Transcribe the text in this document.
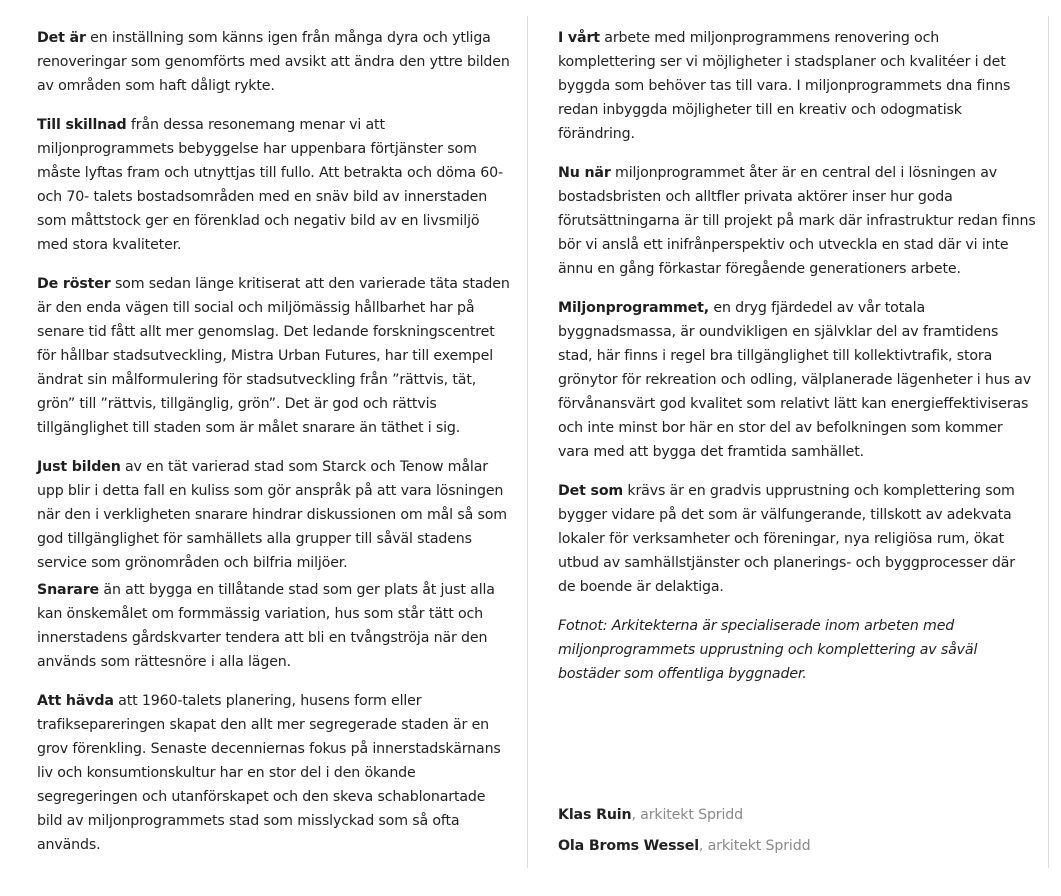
Det är en inställning som känns igen från många dyra och ytliga renoveringar som genomförts med avsikt att ändra den yttre bilden av områden som haft dåligt rykte.

Till skillnad från dessa resonemang menar vi att miljonprogrammets bebyggelse har uppenbara förtjänster som måste lyftas fram och utnyttjas till fullo. Att betrakta och döma 60- och 70- talets bostadsområden med en snäv bild av innerstaden som måttstock ger en förenklad och negativ bild av en livsmiljö med stora kvaliteter.

De röster som sedan länge kritiserat att den varierade täta staden är den enda vägen till social och miljömässig hållbarhet har på senare tid fått allt mer genomslag. Det ledande forskningscentret för hållbar stadsutveckling, Mistra Urban Futures, har till exempel ändrat sin målformulering för stadsutveckling från ”rättvis, tät, grön” till ”rättvis, tillgänglig, grön”. Det är god och rättvis tillgänglighet till staden som är målet snarare än täthet i sig.

Just bilden av en tät varierad stad som Starck och Tenow målar upp blir i detta fall en kuliss som gör anspråk på att vara lösningen när den i verkligheten snarare hindrar diskussionen om mål så som god tillgänglighet för samhällets alla grupper till såväl stadens service som grönområden och bilfria miljöer.

Snarare än att bygga en tillåtande stad som ger plats åt just alla kan önskemålet om formmässig variation, hus som står tätt och innerstadens gårdskvarter tendera att bli en tvångströja när den används som rättesnöre i alla lägen.

Att hävda att 1960-talets planering, husens form eller trafiksepareringen skapat den allt mer segregerade staden är en grov förenkling. Senaste decenniernas fokus på innerstadskärnans liv och konsumtionskultur har en stor del i den ökande segregeringen och utanförskapet och den skeva schablonartade bild av miljonprogrammets stad som misslyckad som så ofta används.

I vårt arbete med miljonprogrammens renovering och komplettering ser vi möjligheter i stadsplaner och kvalitéer i det byggda som behöver tas till vara. I miljonprogrammets dna finns redan inbyggda möjligheter till en kreativ och odogmatisk förändring.

Nu när miljonprogrammet åter är en central del i lösningen av bostadsbristen och alltfler privata aktörer inser hur goda förutsättningarna är till projekt på mark där infrastruktur redan finns bör vi anslå ett inifrånperspektiv och utveckla en stad där vi inte ännu en gång förkastar föregående generationers arbete.

Miljonprogrammet, en dryg fjärdedel av vår totala byggnadsmassa, är oundvikligen en självklar del av framtidens stad, här finns i regel bra tillgänglighet till kollektivtrafik, stora grönytor för rekreation och odling, välplanerade lägenheter i hus av förvånansvärt god kvalitet som relativt lätt kan energieffektiviseras och inte minst bor här en stor del av befolkningen som kommer vara med att bygga det framtida samhället.

Det som krävs är en gradvis upprustning och komplettering som bygger vidare på det som är välfungerande, tillskott av adekvata lokaler för verksamheter och föreningar, nya religiösa rum, ökat utbud av samhällstjänster och planerings- och byggprocesser där de boende är delaktiga.

Fotnot: Arkitekterna är specialiserade inom arbeten med miljonprogrammets upprustning och komplettering av såväl bostäder som offentliga byggnader.

Klas Ruin, arkitekt Spridd
Ola Broms Wessel, arkitekt Spridd
